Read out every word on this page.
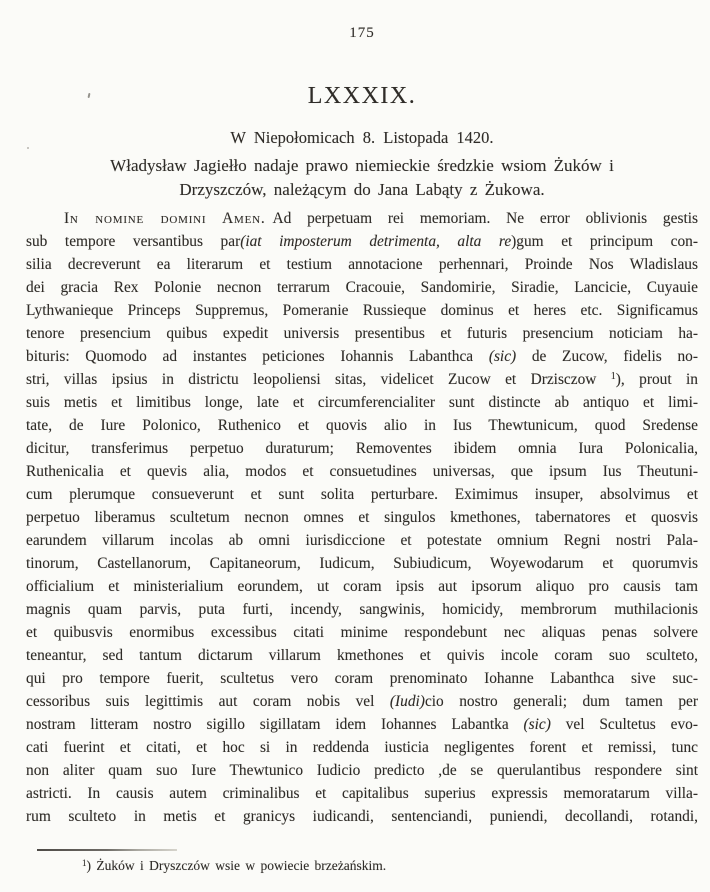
175
LXXXIX.
W Niepołomicach 8. Listopada 1420.
Władysław Jagiełło nadaje prawo niemieckie średzkie wsiom Żuków i
Drzyszczów, należącym do Jana Labąty z Żukowa.
In nomine domini Amen. Ad perpetuam rei memoriam. Ne error oblivionis gestis
sub tempore versantibus par(iat imposterum detrimenta, alta re)gum et principum con-
silia decreverunt ea literarum et testium annotacione perhennari, Proinde Nos Wladislaus
dei gracia Rex Polonie necnon terrarum Cracouie, Sandomirie, Siradie, Lancicie, Cuyauie
Lythwanieque Princeps Suppremus, Pomeranie Russieque dominus et heres etc. Significamus
tenore presencium quibus expedit universis presentibus et futuris presencium noticiam ha-
bituris: Quomodo ad instantes peticiones Iohannis Labanthca (sic) de Zucow, fidelis no-
stri, villas ipsius in districtu leopoliensi sitas, videlicet Zucow et Drzisczow $^1$), prout in
suis metis et limitibus longe, late et circumferencialiter sunt distincte ab antiquo et limi-
tate, de Iure Polonico, Ruthenico et quovis alio in Ius Thewtunicum, quod Sredense
dicitur, transferimus perpetuo duraturum; Removentes ibidem omnia Iura Polonicalia,
Ruthenicalia et quevis alia, modos et consuetudines universas, que ipsum Ius Theutuni-
cum plerumque consueverunt et sunt solita perturbare. Eximimus insuper, absolvimus et
perpetuo liberamus scultetum necnon omnes et singulos kmethones, tabernatores et quosvis
earundem villarum incolas ab omni iurisdiccione et potestate omnium Regni nostri Pala-
tinorum, Castellanorum, Capitaneorum, Iudicum, Subiudicum, Woyewodarum et quorumvis
officialium et ministerialium eorundem, ut coram ipsis aut ipsorum aliquo pro causis tam
magnis quam parvis, puta furti, incendy, sangwinis, homicidy, membrorum muthilacionis
et quibusvis enormibus excessibus citati minime respondebunt nec aliquas penas solvere
teneantur, sed tantum dictarum villarum kmethones et quivis incole coram suo sculteto,
qui pro tempore fuerit, scultetus vero coram prenominato Iohanne Labanthca sive suc-
cessoribus suis legittimis aut coram nobis vel (Iudi)cio nostro generali; dum tamen per
nostram litteram nostro sigillo sigillatam idem Iohannes Labantka (sic) vel Scultetus evo-
cati fuerint et citati, et hoc si in reddenda iusticia negligentes forent et remissi, tunc
non aliter quam suo Iure Thewtunico Iudicio predicto ,de se querulantibus respondere sint
astricti. In causis autem criminalibus et capitalibus superius expressis memoratarum villa-
rum sculteto in metis et granicys iudicandi, sentenciandi, puniendi, decollandi, rotandi,
$^1$) Żuków i Dryszczów wsie w powiecie brzeżańskim.
